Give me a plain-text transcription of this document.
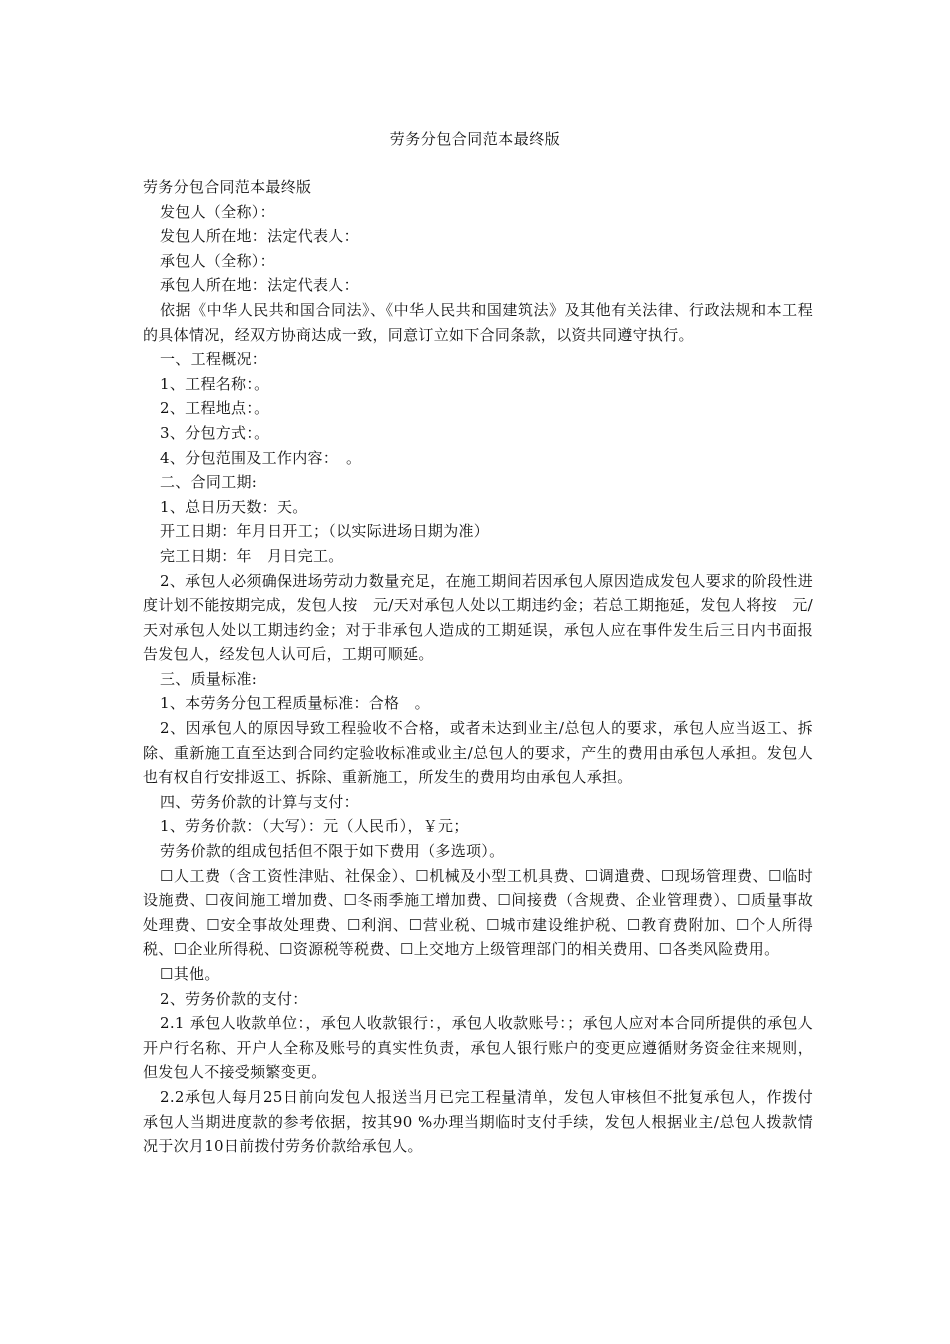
劳务分包合同范本最终版

劳务分包合同范本最终版

发包人（全称）：

发包人所在地：法定代表人：

承包人（全称）：

承包人所在地：法定代表人：

依据《中华人民共和国合同法》、《中华人民共和国建筑法》及其他有关法律、行政法规和本工程的具体情况，经双方协商达成一致，同意订立如下合同条款，以资共同遵守执行。

一、工程概况：

1、工程名称：。

2、工程地点：。

3、分包方式：。

4、分包范围及工作内容：　。

二、合同工期:

1、总日历天数：天。

开工日期：年月日开工；（以实际进场日期为准）

完工日期：年　月日完工。

2、承包人必须确保进场劳动力数量充足，在施工期间若因承包人原因造成发包人要求的阶段性进度计划不能按期完成，发包人按　元/天对承包人处以工期违约金；若总工期拖延，发包人将按　元/天对承包人处以工期违约金；对于非承包人造成的工期延误，承包人应在事件发生后三日内书面报告发包人，经发包人认可后，工期可顺延。

三、质量标准:

1、本劳务分包工程质量标准：合格　。

2、因承包人的原因导致工程验收不合格，或者未达到业主/总包人的要求，承包人应当返工、拆除、重新施工直至达到合同约定验收标准或业主/总包人的要求，产生的费用由承包人承担。发包人也有权自行安排返工、拆除、重新施工，所发生的费用均由承包人承担。

四、劳务价款的计算与支付：

1、劳务价款：（大写）：元（人民币），￥元；

劳务价款的组成包括但不限于如下费用（多选项）。

☐人工费（含工资性津贴、社保金）、☐机械及小型工机具费、☐调遣费、☐现场管理费、☐临时设施费、☐夜间施工增加费、☐冬雨季施工增加费、☐间接费（含规费、企业管理费）、☐质量事故处理费、☐安全事故处理费、☐利润、☐营业税、☐城市建设维护税、☐教育费附加、☐个人所得税、☐企业所得税、☐资源税等税费、☐上交地方上级管理部门的相关费用、☐各类风险费用。

☐其他。

2、劳务价款的支付：

2.1 承包人收款单位：，承包人收款银行：，承包人收款账号：；承包人应对本合同所提供的承包人开户行名称、开户人全称及账号的真实性负责，承包人银行账户的变更应遵循财务资金往来规则，但发包人不接受频繁变更。

2.2承包人每月25日前向发包人报送当月已完工程量清单，发包人审核但不批复承包人，作拨付承包人当期进度款的参考依据，按其90 %办理当期临时支付手续，发包人根据业主/总包人拨款情况于次月10日前拨付劳务价款给承包人。
